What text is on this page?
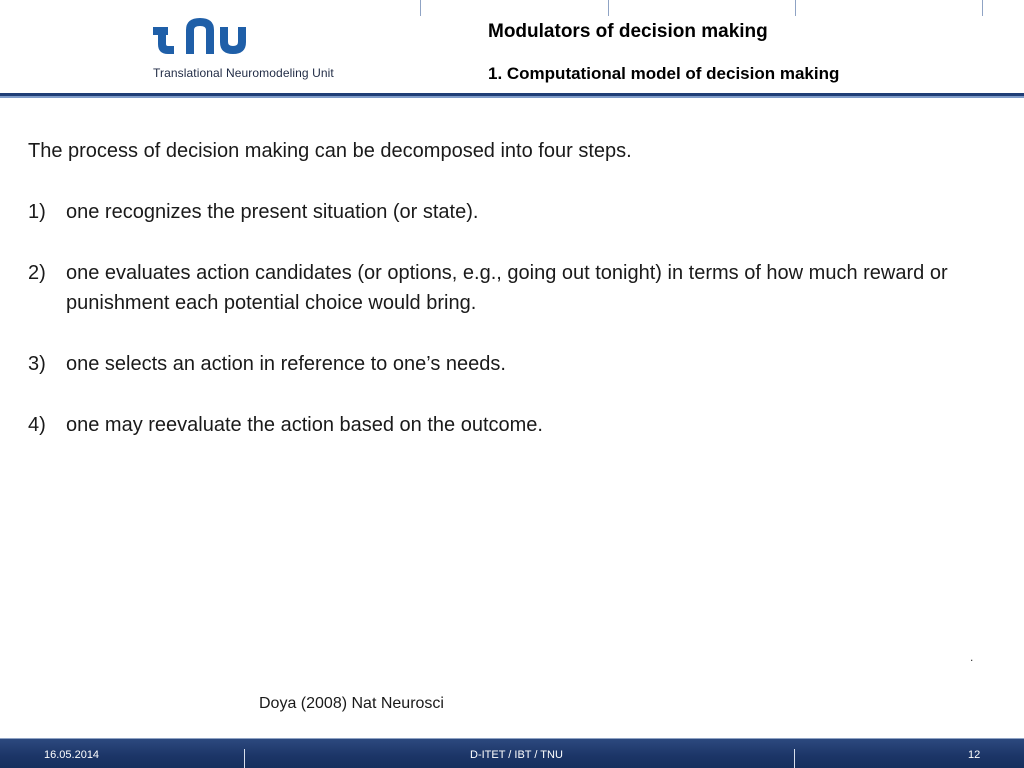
Translational Neuromodeling Unit
Modulators of decision making
1. Computational model of decision making

The process of decision making can be decomposed into four steps.

1)	one recognizes the present situation (or state).
2)	one evaluates action candidates (or options, e.g., going out tonight) in terms of how much reward or punishment each potential choice would bring.
3)	one selects an action in reference to one’s needs.
4)	one may reevaluate the action based on the outcome.
.
Doya (2008) Nat Neurosci
16.05.2014	D-ITET / IBT / TNU	12
